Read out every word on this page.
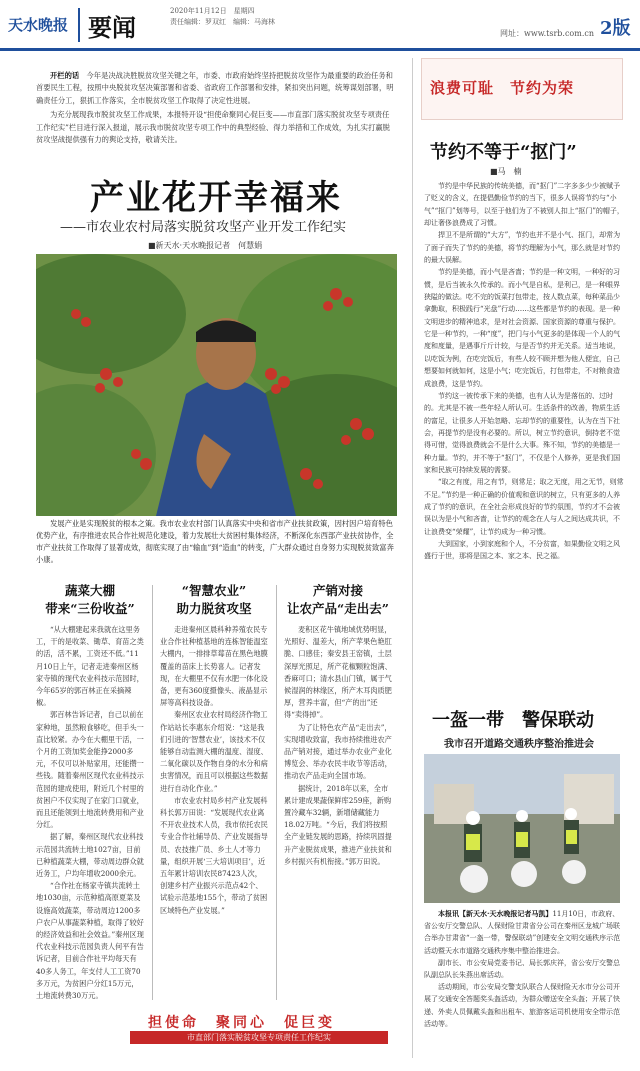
天水晚报 要闻
2020年11月12日　星期四
责任编辑：罗双红　编辑：马海林
网址：www.tsrb.com.cn 2版

开栏的话　 今年是决战决胜脱贫攻坚关键之年，市委、市政府始终坚持把脱贫攻坚作为最重要的政治任务和首要民生工程，按照中央脱贫攻坚决策部署和省委、省政府工作部署和安排，紧扣突出问题，统筹谋划部署，明确责任分工，狠抓工作落实，全市脱贫攻坚工作取得了决定性进展。

为充分展现我市脱贫攻坚工作成果，本报特开设“担使命聚同心促巨变——市直部门落实脱贫攻坚专项责任工作纪实”栏目进行深入报道，展示我市脱贫攻坚专项工作中的典型经验、得力举措和工作成效，为扎实打赢脱贫攻坚战提供强有力的舆论支持，敬请关注。

产业花开幸福来
——市农业农村局落实脱贫攻坚产业开发工作纪实
■新天水·天水晚报记者　何慧娟

发展产业是实现脱贫的根本之策。我市农业农村部门认真落实中央和省市产业扶贫政策，因村因户培育特色优势产业，有序推进农民合作社规范化建设，着力发展壮大贫困村集体经济，不断深化东西部产业扶贫协作，全市产业扶贫工作取得了显著成效，彻底实现了由“输血”到“造血”的转变，广大群众通过自身努力实现脱贫致富奔小康。

蔬菜大棚
带来“三份收益”

“从大棚建起来我就在这里务工，干的是收菜、锄草、育苗之类的活，活不累，工资还不低。”11月10日上午，记者走进秦州区杨家寺镇的现代农业科技示范园时，今年65岁的郭百林正在采摘辣椒。

郭百林告诉记者，自己以前在家种地，虽然粮食够吃，但手头一直比较紧。办今在大棚里干活，一个月的工资加奖金能挣2000多元，不仅可以补贴家用，还能攒一些钱。随着秦州区现代农业科技示范园的建成使用，附近几个村里的贫困户不仅实现了在家门口就业，而且还能领到土地流转费用和产业分红。

据了解，秦州区现代农业科技示范园共流转土地1027亩，目前已种植蔬菜大棚，带动周边群众就近务工，户均年增收2000余元。

“合作社在杨家寺镇共流转土地1030亩，示范种植高原夏菜及设施高效蔬菜，带动周边1200多户农户从事蔬菜种植，取得了较好的经济效益和社会效益。”秦州区现代农业科技示范园负责人何平有告诉记者，目前合作社平均每天有40多人务工，年支付人工工资70多万元，为贫困户分红15万元，土地流转费30万元。

“智慧农业”
助力脱贫攻坚

走进秦州区晨科种养殖农民专业合作社种植基地的连栋智能温室大棚内，一排排草莓苗在黑色地膜覆盖的苗床上长势喜人。记者发现，在大棚里不仅有水肥一体化设备，更有360度摄像头、液晶显示屏等高科技设备。

秦州区农业农村局经济作物工作站站长李惠东介绍说：“这是我们引进的‘智慧农业’，该技术不仅能够自动监测大棚的温度、湿度、二氧化碳以及作物自身的水分和病虫害情况，而且可以根据这些数据进行自动化作业。”

市农业农村局乡村产业发展科科长郭万田说：“发展现代农业离不开农业技术人员，我市依托农民专业合作社辅导员、产业发展指导员、农技推广员、乡土人才等力量，组织开展‘三大培训项目’，近五年累计培训农民87423人次，创建乡村产业振兴示范点42个、试验示范基地155个，带动了贫困区域特色产业发展。”

产销对接
让农产品“走出去”

麦积区花牛镇地域优势明显，光照好、温差大，所产苹果色艳肛脆、口感佳；秦安县王窑镇，土层深厚光照足，所产花椒颗粒饱满、香麻可口；清水县山门镇，属于气候湿润的林缘区，所产木耳肉质肥厚，营养丰富，但“产的出”还得“卖得掉”。

为了让特色农产品“走出去”，实现增收致富，我市持续推进农产品产销对接，通过举办农业产业化博览会、举办农民丰收节等活动，推动农产品走向全国市场。

据统计，2018年以来，全市累计建成果蔬保鲜库259座，新购置冷藏车32辆，新增储藏能力18.02万吨。“今后，我们将按照全产业链发展的思路，持续巩固提升产业脱贫成果，推进产业扶贫和乡村振兴有机衔接。”郭万田说。

担使命　聚同心　促巨变
市直部门落实脱贫攻坚专项责任工作纪实
浪费可耻　节约为荣
节约不等于“抠门”
■马　楠

节约是中华民族的传统美德，而“抠门”二字多多少少被赋予了贬义的含义，在提倡勤俭节约的当下，很多人误将节约与“小气”“抠门”划等号，以至于他们为了不被别人扣上“抠门”的帽子，却让奢侈浪费成了习惯。

捍卫不是所谓的“大方”，节约也并不是小气、抠门，却常为了面子而失了节约的美德，将节约理解为小气，那么就是对节约的最大误解。

节约是美德，而小气是吝啬；节约是一种文明，一种好的习惯，是后当被永久传承的。而小气是自私，是利己，是一种眼界狭隘的做法。吃不完的饭菜打包带走，按人数点菜，每种菜品少拿勤取，积极践行“光盘”行动……这些都是节约的表现。是一种文明进步的精神追求，是对社会资源、国家资源的尊重与保护。它是一种节约，一种“度”，把门与小气更多的是体现一个人的气度和度量，是遇事斤斤计较，与是否节约并无关系。适当地说，以吃饭为例，在吃完饭后，有些人较不顾并想为他人便宜，自己想要如何就如何，这是小气；吃完饭后，打包带走，不对粮食造成浪费，这是节约。

节约这一被传承下来的美德，也有人认为是落伍的、过时的。尤其是不被一些年轻人所认可。生活条件的改善，物质生活的富足，让很多人开始忽略、忘却节约的重要性，认为在当下社会，再提节约是没有必要的。所以，树立节约意识，倒持老不觉得可惜，觉得浪费就会不是什么大事。殊不知，节约的美德是一种力量。节约，并不等于“抠门”，不仅是个人修养，更是我们国家和民族可持续发展的需要。

“取之有度，用之有节，则常足；取之无度，用之无节，则常不足。”节约是一种正确的价值观和意识的树立，只有更多的人养成了节约的意识，在全社会形成良好的节约氛围，节约才不会被误以为是小气和吝啬，让节约的观念在人与人之间达成共识，不让浪费变“荣耀”，让节约成为一种习惯。

大到国家，小到家庭和个人，不分贫富，如果勤俭文明之风盛行于世，那将是国之本、家之本、民之福。

一盔一带　警保联动
我市召开道路交通秩序整治推进会

本报讯【新天水·天水晚报记者马凯】11月10日，市政府、省公安厅交警总队、人保财险甘肃省分公司在秦州区龙城广场联合举办甘肃省“一盔一带，警保联动”创建安全文明交通秩序示范活动暨天水市道路交通秩序集中整治推进会。

副市长、市公安局党委书记、局长郭庆祥，省公安厅交警总队副总队长朱燕出席活动。

活动期间，市公安局交警支队联合人保财险天水市分公司开展了交通安全答题奖头盔活动，为群众赠送安全头盔；开展了快递、外卖人员佩戴头盔和出租车、旅游客运司机使用安全带示范活动等。
